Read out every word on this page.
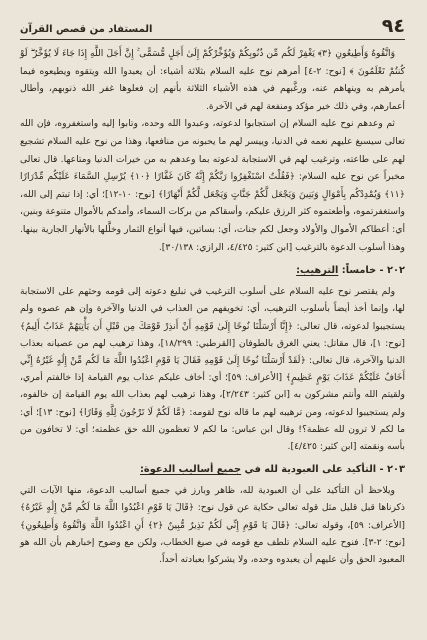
٩٤
المستفاد من قصص القرآن

وَاتَّقُوهُ وَأَطِيعُونِ ﴿٣﴾ يَغْفِرْ لَكُم مِّن ذُنُوبِكُمْ وَيُؤَخِّرْكُمْ إِلَىٰ أَجَلٍ مُّسَمًّى ۚ إِنَّ أَجَلَ اللَّهِ إِذَا جَاءَ لَا يُؤَخَّرُ ۖ لَوْ كُنتُمْ تَعْلَمُونَ ﴾ [نوح: ٢-٤] أمرهم نوح عليه السلام بثلاثة أشياء: أن يعبدوا الله ويتقوه ويطيعوه فيما يأمرهم به وينهاهم عنه، ورغَّبهم في هذه الأشياء الثلاثة بأنهم إن فعلوها غفر الله ذنوبهم، وأطال أعمارهم، وفي ذلك خير مؤكد ومنفعة لهم في الآخرة.

ثم وعدهم نوح عليه السلام إن استجابوا لدعوته، وعبدوا الله وحده، وتابوا إليه واستغفروه، فإن الله تعالى سيسبغ عليهم نعمه في الدنيا، وييسر لهم ما يحبونه من منافعها، وهذا من نوح عليه السلام تشجيع لهم على طاعته، وترغيب لهم في الاستجابة لدعوته بما وعدهم به من خيرات الدنيا ومتاعها. قال تعالى مخبراً عن نوح عليه السلام: ﴿فَقُلْتُ اسْتَغْفِرُوا رَبَّكُمْ إِنَّهُ كَانَ غَفَّارًا ﴿١٠﴾ يُرْسِلِ السَّمَاءَ عَلَيْكُم مِّدْرَارًا ﴿١١﴾ وَيُمْدِدْكُم بِأَمْوَالٍ وَبَنِينَ وَيَجْعَل لَّكُمْ جَنَّاتٍ وَيَجْعَل لَّكُمْ أَنْهَارًا﴾ [نوح: ١٠-١٢]؛ أي: إذا تبتم إلى الله، واستغفرتموه، وأطعتموه كثر الرزق عليكم، وأسقاكم من بركات السماء، وأمدكم بالأموال متنوعة وبنين، أي: أعطاكم الأموال والأولاد وجعل لكم جنات، أي: بساتين، فيها أنواع الثمار وخلَّلها بالأنهار الجارية بينها. وهذا أسلوب الدعوة بالترغيب [ابن كثير: ٤/٤٢٥، الرازي: ٣٠/١٣٨].

٢٠٢ - خامساً: الترهيب:

ولم يقتصر نوح عليه السلام على أسلوب الترغيب في تبليغ دعوته إلى قومه وحثهم على الاستجابة لها، وإنما أخذ أيضاً بأسلوب الترهيب، أي: تخويفهم من العذاب في الدنيا والآخرة وإن هم عصوه ولم يستجيبوا لدعوته، قال تعالى: ﴿إِنَّا أَرْسَلْنَا نُوحًا إِلَىٰ قَوْمِهِ أَنْ أَنذِرْ قَوْمَكَ مِن قَبْلِ أَن يَأْتِيَهُمْ عَذَابٌ أَلِيمٌ﴾ [نوح: ١]، قال مقاتل: يعني الغرق بالطوفان [القرطبي: ١٨/٢٩٩]، وهذا ترهيب لهم من عصيانه بعذاب الدنيا والآخرة، قال تعالى: ﴿لَقَدْ أَرْسَلْنَا نُوحًا إِلَىٰ قَوْمِهِ فَقَالَ يَا قَوْمِ اعْبُدُوا اللَّهَ مَا لَكُم مِّنْ إِلَٰهٍ غَيْرُهُ إِنِّي أَخَافُ عَلَيْكُمْ عَذَابَ يَوْمٍ عَظِيمٍ﴾ [الأعراف: ٥٩]؛ أي: أخاف عليكم عذاب يوم القيامة إذا خالفتم أمري، ولقيتم الله وأنتم مشركون به [ابن كثير: ٢/٢٤٣]، وهذا ترهيب لهم بعذاب الله يوم القيامة إن خالفوه، ولم يستجيبوا لدعوته، ومن ترهيبه لهم ما قاله نوح لقومه: ﴿مَّا لَكُمْ لَا تَرْجُونَ لِلَّهِ وَقَارًا﴾ [نوح: ١٣]؛ أي: ما لكم لا ترون لله عظمة؟! وقال ابن عباس: ما لكم لا تعظمون الله حق عظمته؛ أي: لا تخافون من بأسه ونقمته [ابن كثير: ٤/٤٢٥].

٢٠٣ - التأكيد على العبودية لله في جميع أساليب الدعوة:

ويلاحظ أن التأكيد على أن العبودية لله، ظاهر وبارز في جميع أساليب الدعوة، منها الآيات التي ذكرناها قبل قليل مثل قوله تعالى حكاية عن قول نوح: ﴿قَالَ يَا قَوْمِ اعْبُدُوا اللَّهَ مَا لَكُم مِّنْ إِلَٰهٍ غَيْرُهُ﴾ [الأعراف: ٥٩]، وقوله تعالى: ﴿قَالَ يَا قَوْمِ إِنِّي لَكُمْ نَذِيرٌ مُّبِينٌ ﴿٢﴾ أَنِ اعْبُدُوا اللَّهَ وَاتَّقُوهُ وَأَطِيعُونِ﴾ [نوح: ٢-٣]. فنوح عليه السلام تلطف مع قومه في صيغ الخطاب، ولكن مع وضوح إخبارهم بأن الله هو المعبود الحق وأن عليهم أن يعبدوه وحده، ولا يشركوا بعبادته أحداً.
